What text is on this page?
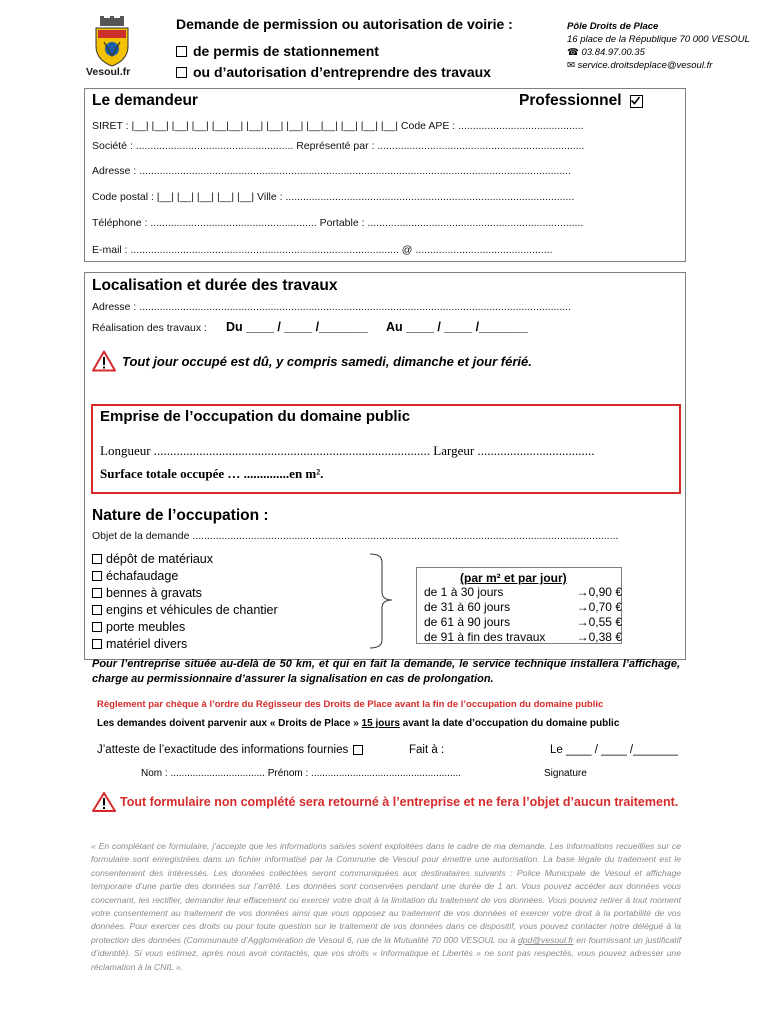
Vesoul.fr
Demande de permission ou autorisation de voirie :
de permis de stationnement
ou d’autorisation d’entreprendre des travaux
Pôle Droits de Place
16 place de la République 70 000 VESOUL
☎ 03.84.97.00.35
✉ service.droitsdeplace@vesoul.fr
Le demandeur	Professionnel
SIRET : |__| |__| |__| |__| |__|__| |__| |__| |__| |__|__| |__| |__| |__| Code APE : ...........................................
Société : ...................................................... Représenté par : .......................................................................
Adresse : ....................................................................................................................................................
Code postal : |__| |__| |__| |__| |__| Ville : ...................................................................................................
Téléphone : ......................................................... Portable : ..........................................................................
E-mail : ............................................................................................ @ ...............................................
Localisation et durée des travaux
Adresse : ....................................................................................................................................................
Réalisation des travaux : Du ____ / ____ /_______ Au ____ / ____ /_______
Tout jour occupé est dû, y compris samedi, dimanche et jour férié.
Emprise de l’occupation du domaine public
Longueur ..................................................................................... Largeur ....................................
Surface totale occupée … ..............en m².
Nature de l’occupation :
Objet de la demande ..................................................................................................................................................
dépôt de matériaux
échafaudage
bennes à gravats
engins et véhicules de chantier
porte meubles
matériel divers
(par m² et par jour)
de 1 à 30 jours	→0,90 €
de 31 à 60 jours	→0,70 €
de 61 à 90 jours	→0,55 €
de 91 à fin des travaux	→0,38 €
Pour l’entreprise située au-delà de 50 km, et qui en fait la demande, le service technique installera l’affichage, charge au permissionnaire d’assurer la signalisation en cas de prolongation.
Règlement par chèque à l’ordre du Régisseur des Droits de Place avant la fin de l’occupation du domaine public
Les demandes doivent parvenir aux « Droits de Place » 15 jours avant la date d’occupation du domaine public
J’atteste de l’exactitude des informations fournies	Fait à :	Le ____ / ____ /_______
Nom : .................................. Prénom : ......................................................	Signature
Tout formulaire non complété sera retourné à l’entreprise et ne fera l’objet d’aucun traitement.
« En complétant ce formulaire, j’accepte que les informations saisies soient exploitées dans le cadre de ma demande. Les informations recueillies sur ce formulaire sont enregistrées dans un fichier informatisé par la Commune de Vesoul pour émettre une autorisation. La base légale du traitement est le consentement des intéressés. Les données collectées seront communiquées aux destinataires suivants : Police Municipale de Vesoul et affichage temporaire d’une partie des données sur l’arrêté. Les données sont conservées pendant une durée de 1 an. Vous pouvez accéder aux données vous concernant, les rectifier, demander leur effacement ou exercer votre droit à la limitation du traitement de vos données. Vous pouvez retirer à tout moment votre consentement au traitement de vos données ainsi que vous opposez au traitement de vos données et exercer votre droit à la portabilité de vos données. Pour exercer ces droits ou pour toute question sur le traitement de vos données dans ce dispositif, vous pouvez contacter notre délégué à la protection des données (Communauté d’Agglomération de Vesoul 6, rue de la Mutualité 70 000 VESOUL ou à dpd@vesoul.fr en fournissant un justificatif d’identité). Si vous estimez, après nous avoir contactés, que vos droits « Informatique et Libertés » ne sont pas respectés, vous pouvez adresser une réclamation à la CNIL ».
